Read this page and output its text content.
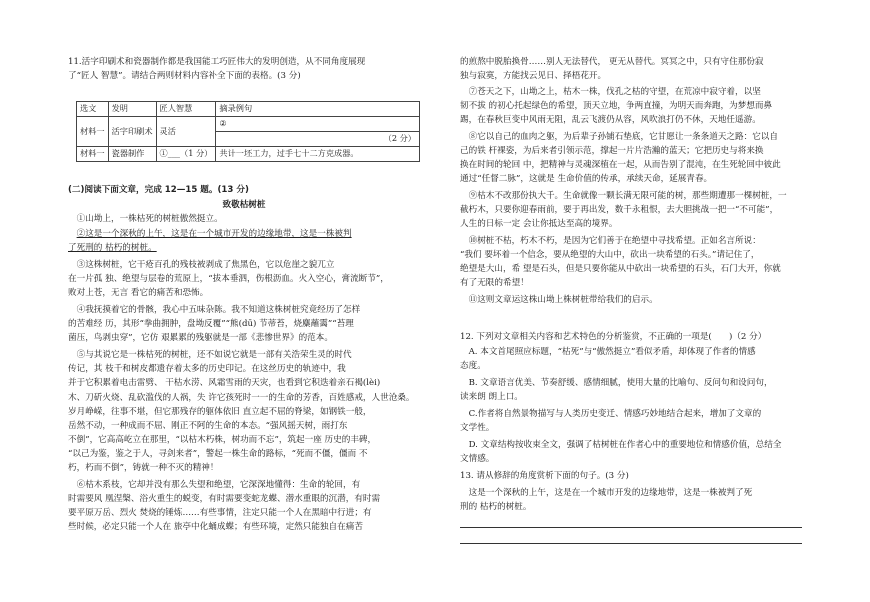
11.活字印刷术和瓷器制作都是我国能工巧匠伟大的发明创造，从不同角度展现

了“匠人 智慧”。请结合两则材料内容补全下面的表格。(3 分)

选文	发明	匠人智慧	摘录例句
材料一	活字印刷术	灵活	②
			（2 分）
材料一	瓷器制作	①___（1 分）	共计一坯工力，过手七十二方克成器。

(二)阅读下面文章，完成 12—15 题。(13 分)

致敬枯树桩

①山坳上，一株枯死的树桩傲然挺立。

②这是一个深秋的上午，这是在一个城市开发的边缘地带，这是一株被判

了死刑的 枯朽的树桩。

③这株树桩，它干疮百孔的残枝被剥成了焦黑色，它以危崖之貌兀立

在一片孤 独、绝望与层卷的荒原上，“拔本垂泗，伤根沥血。火入空心，膏流断节”，

败对上苍，无言 看它的痛苦和恐怖。

④我抚摸着它的骨骸，我心中五味杂陈。我不知道这株树桩究竟经历了怎样

的苦难经 历，其形“拳曲拥肿，盘坳反覆”“熊(dū) 节蒂苔，烧麋蘸霭”“苔理

菌压，鸟剥虫穿”，它仿 艰累累的残躯就是一部《悲惨世界》的范本。

⑤与其说它是一株枯死的树桩，还不如说它就是一部有关浩荣生灵的时代

传记，其 枝千和树皮都遗存着太多的历史印记。在这丝历史的轨迹中，我

并于它积累着电击雷劈、 干枯水涝、风霜雪雨的天灾，也看到它积迭着亲石褐(lèi)

木、刀斫火烧、乱砍滥伐的人祸，失 许它孩死时一一的生命的芳香，百姓感戒，人世沧桑。

岁月峥嵘，往事不堪，但它那残存的躯体依旧 直立起不屈的脊梁，如钢铁一般，

岳然不动，一种成而不屈、刚正不阿的生命的本态。“强风摇天树，雨打东

不倒”，它高高屹立在那里，“以枯木朽株，树功而不忘”，筑起一座 历史的丰碑，

“以己为鉴，鉴之于人，寻剑来者”，警起一株生命的路标，“死而不僵，僵而 不

朽，朽而不倒”，铸就一种不灭的精神！

⑥枯木系枝，它却并没有那么失望和绝望，它深深地懂得：生命的轮回，有

时需要风 凰涅槃、浴火重生的蜕变，有时需要变蛇龙蝶、潜水重眼的沉潜，有时需

要平原万岳、烈火 焚烧的锤炼……有些事情，注定只能一个人在黑暗中行进；有

些时候，必定只能一个人在 旅亭中化蛹成蝶；有些环境，定然只能独自在痛苦

的煎熬中脱胎换骨……别人无法替代， 更无从替代。冥冥之中，只有守住那份寂

独与寂寞，方能找云见日、择梧花开。

⑦苍天之下，山坳之上，枯木一株，伐孔之枯的守望，在荒凉中寂守着，以坚

韧不拔 的初心托起绿色的希望，顶天立地，争两直撞，为明天而奔跑，为梦想而鼻

踢，在春秋巨变中风雨无阻，乱云飞渡仍从容，风吹浪打仍不休，天地任遥游。

⑧它以自己的血肉之躯，为后辈子孙铺石垫底，它甘愿让一条条道天之路：它以自

己的铁 杆裸姿，为后来者引领示范，撑起一片片浩瀚的蓝天；它把历史与将来换

换在时间的轮回 中，把精神与灵魂深植在一起，从而告别了混沌，在生死轮回中彼此

通过“任督二脉”，这就是 生命价值的传承，承续天命，延展青春。

⑨枯木不改那份执大千。生命就像一颗长满无限可能的树，那些期遭那一棵树桩，一

截朽木，只要你迎春雨前，要于再出发，数千永租恨，去大胆挑战一把一“不可能”，

人生的日标一定 会让你抵达至高的境界。

⑩树桩不枯，朽木不朽，是因为它们善于在绝望中寻找希望。正如名言所说：

“我们 要坏着一个信念，要从绝望的大山中，砍出一块希望的石头。”请记住了，

绝望是大山，希 望是石头，但是只要你能从中砍出一块希望的石头，石门大开，你就

有了无限的希望！

⑪这则文章运这株山坳上株树桩带给我们的启示。

12. 下列对文章相关内容和艺术特色的分析鉴赏，不正确的一项是(　　)（2 分）

A. 本文首尾照应标题，“枯死”与“傲然挺立”看似矛盾，却体现了作者的情感

态度。

B. 文章语言优美、节奏舒缓、感情细腻，使用大量的比喻句、反问句和设问句，

读来朗 朗上口。

C.作者将自然景物描写与人类历史变迁、情感巧妙地结合起来，增加了文章的

文学性。

D. 文章结构按收束全文，强调了枯树桩在作者心中的重要地位和情感价值，总结全

文情感。

13. 请从修辞的角度赏析下面的句子。(3 分)

这是一个深秋的上午，这是在一个城市开发的边缘地带，这是一株被判了死

刑的 枯朽的树桩。
